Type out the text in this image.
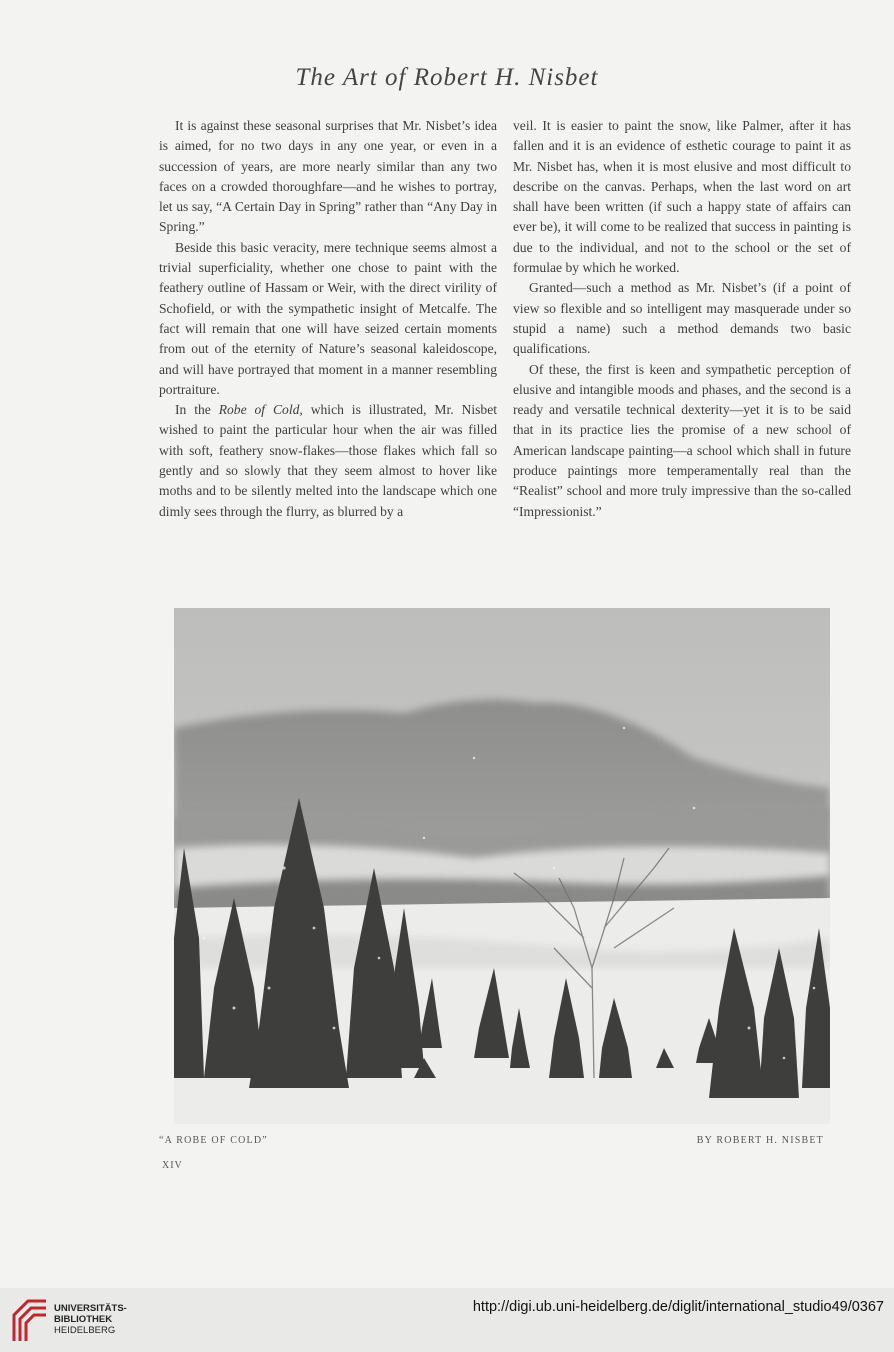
The Art of Robert H. Nisbet

It is against these seasonal surprises that Mr. Nisbet’s idea is aimed, for no two days in any one year, or even in a succession of years, are more nearly similar than any two faces on a crowded thoroughfare—and he wishes to portray, let us say, “A Certain Day in Spring” rather than “Any Day in Spring.”

Beside this basic veracity, mere technique seems almost a trivial superficiality, whether one chose to paint with the feathery outline of Hassam or Weir, with the direct virility of Schofield, or with the sympathetic insight of Metcalfe. The fact will remain that one will have seized certain moments from out of the eternity of Nature’s seasonal kaleidoscope, and will have portrayed that moment in a manner resembling portraiture.

In the Robe of Cold, which is illustrated, Mr. Nisbet wished to paint the particular hour when the air was filled with soft, feathery snow-flakes—those flakes which fall so gently and so slowly that they seem almost to hover like moths and to be silently melted into the landscape which one dimly sees through the flurry, as blurred by a

veil. It is easier to paint the snow, like Palmer, after it has fallen and it is an evidence of esthetic courage to paint it as Mr. Nisbet has, when it is most elusive and most difficult to describe on the canvas. Perhaps, when the last word on art shall have been written (if such a happy state of affairs can ever be), it will come to be realized that success in painting is due to the individual, and not to the school or the set of formulae by which he worked.

Granted—such a method as Mr. Nisbet’s (if a point of view so flexible and so intelligent may masquerade under so stupid a name) such a method demands two basic qualifications.

Of these, the first is keen and sympathetic perception of elusive and intangible moods and phases, and the second is a ready and versatile technical dexterity—yet it is to be said that in its practice lies the promise of a new school of American landscape painting—a school which shall in future produce paintings more temperamentally real than the “Realist” school and more truly impressive than the so-called “Impressionist.”

“A ROBE OF COLD”	BY ROBERT H. NISBET
XIV
UNIVERSITÄTS-
BIBLIOTHEK
HEIDELBERG
http://digi.ub.uni-heidelberg.de/diglit/international_studio49/0367
